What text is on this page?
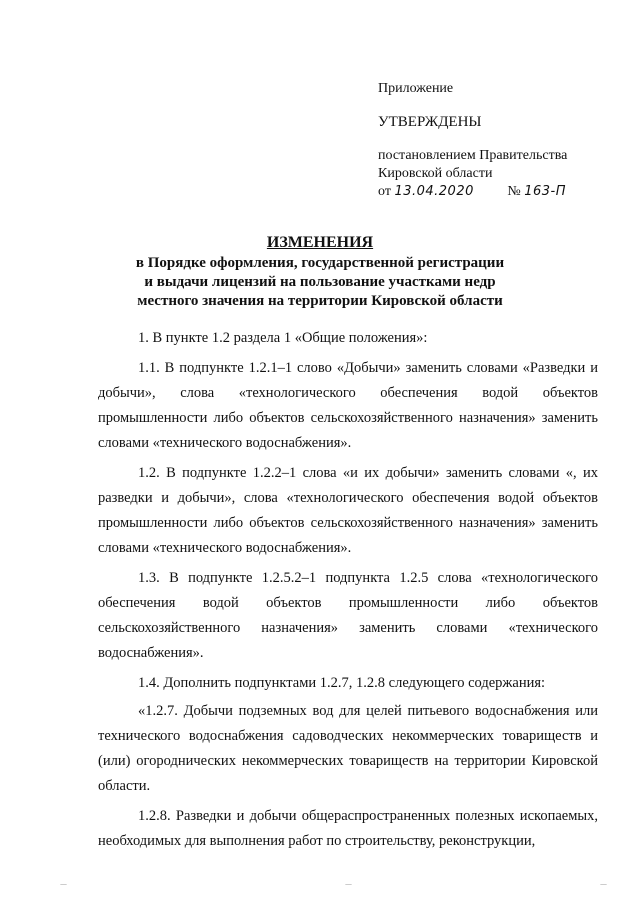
Приложение
УТВЕРЖДЕНЫ
постановлением Правительства
Кировской области
от 13.04.2020 № 163-П
ИЗМЕНЕНИЯ
в Порядке оформления, государственной регистрации
и выдачи лицензий на пользование участками недр
местного значения на территории Кировской области

1. В пункте 1.2 раздела 1 «Общие положения»:

1.1. В подпункте 1.2.1–1 слово «Добычи» заменить словами «Разведки и добычи», слова «технологического обеспечения водой объектов промышленности либо объектов сельскохозяйственного назначения» заменить словами «технического водоснабжения».

1.2. В подпункте 1.2.2–1 слова «и их добычи» заменить словами «, их разведки и добычи», слова «технологического обеспечения водой объектов промышленности либо объектов сельскохозяйственного назначения» заменить словами «технического водоснабжения».

1.3. В подпункте 1.2.5.2–1 подпункта 1.2.5 слова «технологического обеспечения водой объектов промышленности либо объектов сельскохозяйственного назначения» заменить словами «технического водоснабжения».

1.4. Дополнить подпунктами 1.2.7, 1.2.8 следующего содержания:

«1.2.7. Добычи подземных вод для целей питьевого водоснабжения или технического водоснабжения садоводческих некоммерческих товариществ и (или) огороднических некоммерческих товариществ на территории Кировской области.

1.2.8. Разведки и добычи общераспространенных полезных ископаемых, необходимых для выполнения работ по строительству, реконструкции,

—	—	—
